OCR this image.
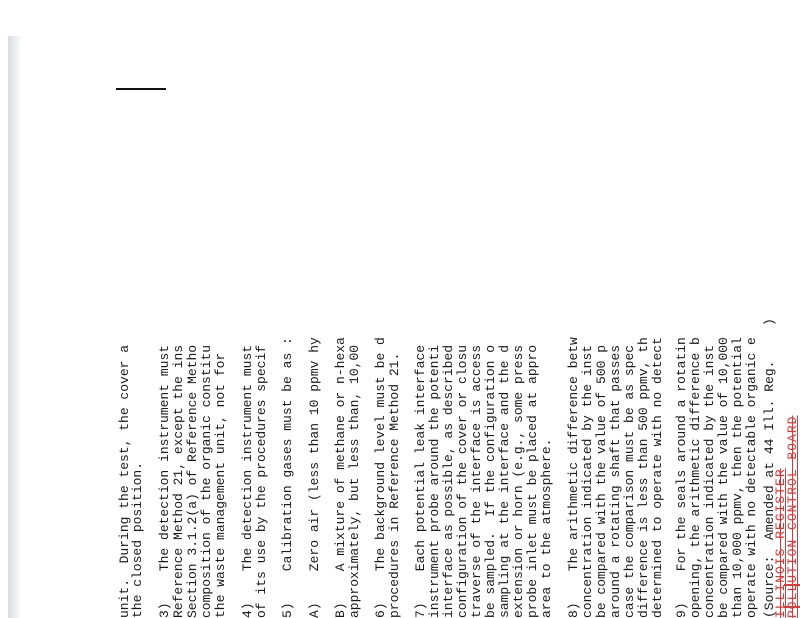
unit.  During the test, the cover a
the closed position. 3)    The detection instrument must Reference Method 21, except the ins Section 3.1.2(a) of Reference Metho composition of the organic constitu the waste management unit, not for 4)    The detection instrument must of its use by the procedures specif 5)    Calibration gases must be as : A)    Zero air (less than 10 ppmv hy B)    A mixture of methane or n-hexa approximately, but less than, 10,00 6)    The background level must be d procedures in Reference Method 21. 7)    Each potential leak interface instrument probe around the potenti interface as possible, as described configuration of the cover or closu traverse of the interface is access be sampled.  If the configuration o sampling at the interface and the d extension or horn (e.g., some press probe inlet must be placed at appro area to the atmosphere. 8)    The arithmetic difference betw concentration indicated by the inst be compared with the value of 500 p around a rotating shaft that passes case the comparison must be as spec difference is less than 500 ppmv, th determined to operate with no detect 9)    For the seals around a rotatin opening, the arithmetic difference b concentration indicated by the inst be compared with the value of 10,000 than 10,000 ppmv, then the potential operate with no detectable organic e (Source:  Amended at 44 Ill. Reg.
)
ILLINOIS REGISTER
POLLUTION CONTROL BOARD
